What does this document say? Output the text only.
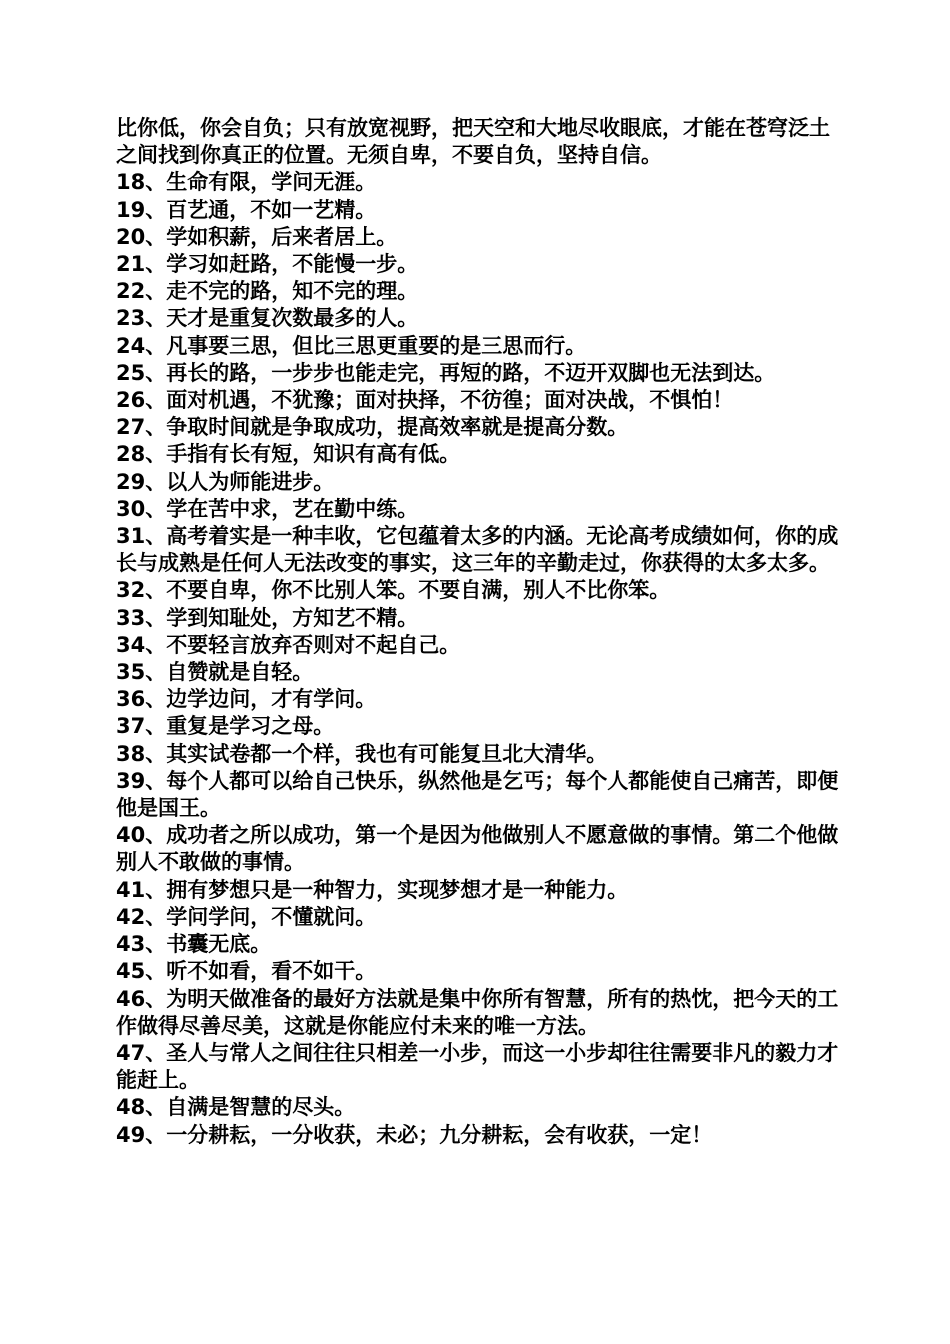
比你低，你会自负；只有放宽视野，把天空和大地尽收眼底，才能在苍穹泛土之间找到你真正的位置。无须自卑，不要自负，坚持自信。

18、生命有限，学问无涯。

19、百艺通，不如一艺精。

20、学如积薪，后来者居上。

21、学习如赶路，不能慢一步。

22、走不完的路，知不完的理。

23、天才是重复次数最多的人。

24、凡事要三思，但比三思更重要的是三思而行。

25、再长的路，一步步也能走完，再短的路，不迈开双脚也无法到达。

26、面对机遇，不犹豫；面对抉择，不彷徨；面对决战，不惧怕！

27、争取时间就是争取成功，提高效率就是提高分数。

28、手指有长有短，知识有高有低。

29、以人为师能进步。

30、学在苦中求，艺在勤中练。

31、高考着实是一种丰收，它包蕴着太多的内涵。无论高考成绩如何，你的成长与成熟是任何人无法改变的事实，这三年的辛勤走过，你获得的太多太多。

32、不要自卑，你不比别人笨。不要自满，别人不比你笨。

33、学到知耻处，方知艺不精。

34、不要轻言放弃否则对不起自己。

35、自赞就是自轻。

36、边学边问，才有学问。

37、重复是学习之母。

38、其实试卷都一个样，我也有可能复旦北大清华。

39、每个人都可以给自己快乐，纵然他是乞丐；每个人都能使自己痛苦，即便他是国王。

40、成功者之所以成功，第一个是因为他做别人不愿意做的事情。第二个他做别人不敢做的事情。

41、拥有梦想只是一种智力，实现梦想才是一种能力。

42、学问学问，不懂就问。

43、书囊无底。

45、听不如看，看不如干。

46、为明天做准备的最好方法就是集中你所有智慧，所有的热忱，把今天的工作做得尽善尽美，这就是你能应付未来的唯一方法。

47、圣人与常人之间往往只相差一小步，而这一小步却往往需要非凡的毅力才能赶上。

48、自满是智慧的尽头。

49、一分耕耘，一分收获，未必；九分耕耘，会有收获，一定！
